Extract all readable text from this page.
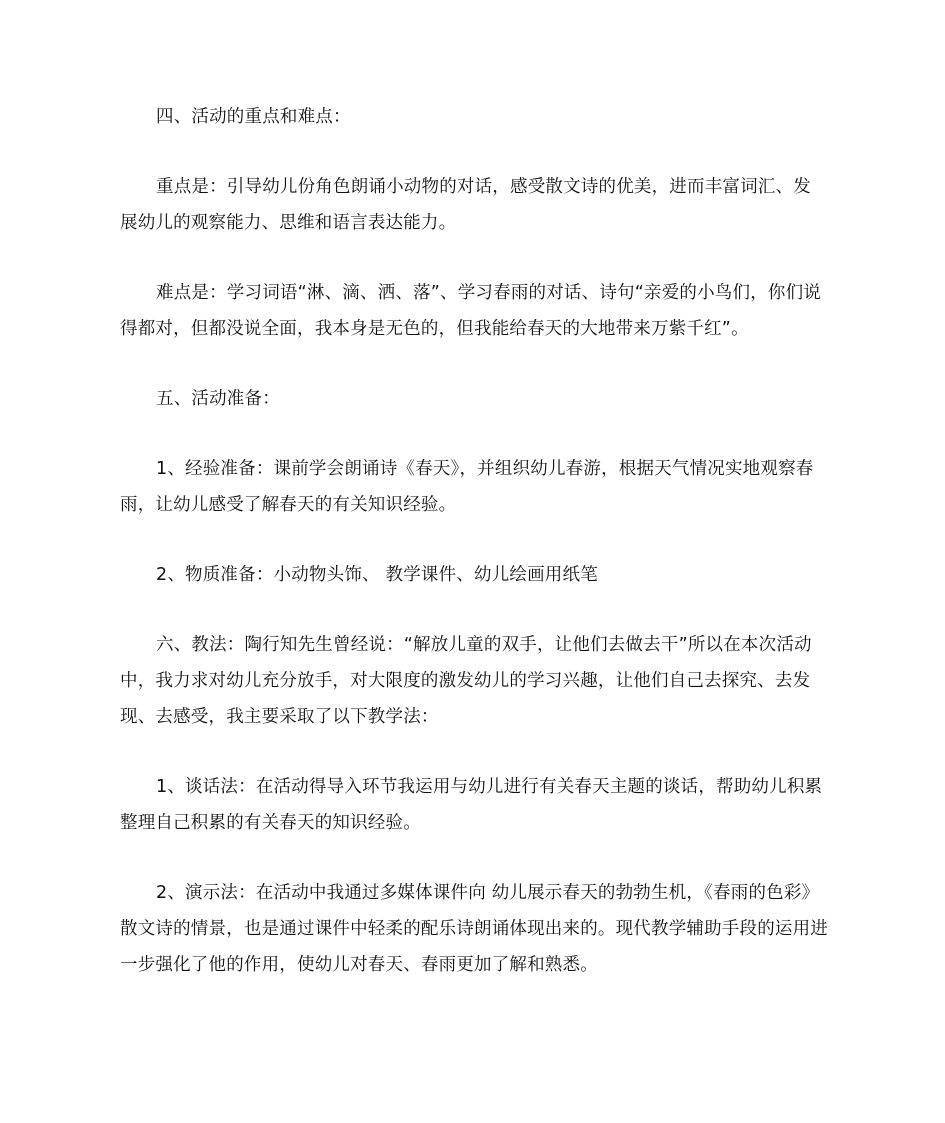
四、活动的重点和难点：

重点是：引导幼儿份角色朗诵小动物的对话，感受散文诗的优美，进而丰富词汇、发展幼儿的观察能力、思维和语言表达能力。

难点是：学习词语“淋、滴、洒、落”、学习春雨的对话、诗句“亲爱的小鸟们，你们说得都对，但都没说全面，我本身是无色的，但我能给春天的大地带来万紫千红”。

五、活动准备：

1、经验准备：课前学会朗诵诗《春天》，并组织幼儿春游，根据天气情况实地观察春雨，让幼儿感受了解春天的有关知识经验。

2、物质准备：小动物头饰、 教学课件、幼儿绘画用纸笔

六、教法：陶行知先生曾经说：“解放儿童的双手，让他们去做去干”所以在本次活动中，我力求对幼儿充分放手，对大限度的激发幼儿的学习兴趣，让他们自己去探究、去发现、去感受，我主要采取了以下教学法：

1、谈话法：在活动得导入环节我运用与幼儿进行有关春天主题的谈话，帮助幼儿积累整理自己积累的有关春天的知识经验。

2、演示法：在活动中我通过多媒体课件向 幼儿展示春天的勃勃生机，《春雨的色彩》散文诗的情景，也是通过课件中轻柔的配乐诗朗诵体现出来的。现代教学辅助手段的运用进一步强化了他的作用，使幼儿对春天、春雨更加了解和熟悉。
